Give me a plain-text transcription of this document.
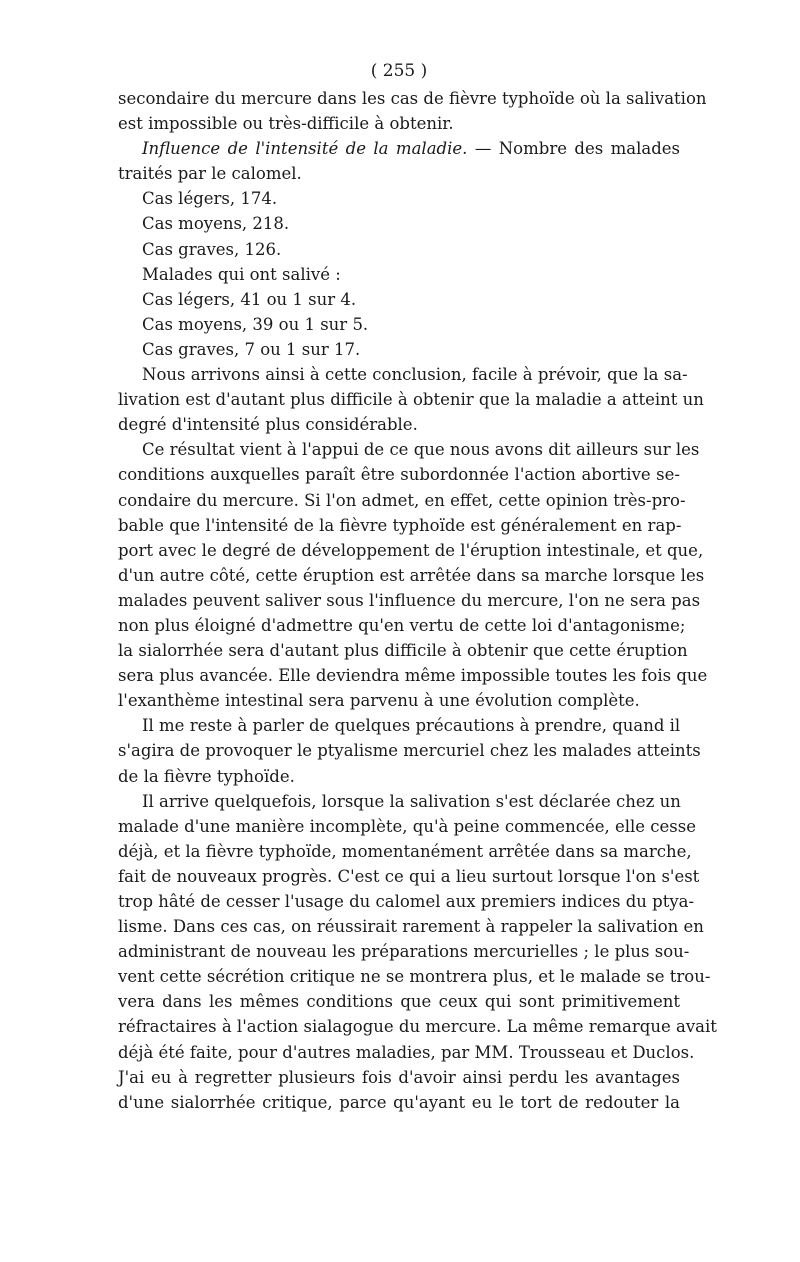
( 255 )
secondaire du mercure dans les cas de fièvre typhoïde où la salivation
est impossible ou très-difficile à obtenir.
Influence de l'intensité de la maladie. — Nombre des malades
traités par le calomel.
Cas légers, 174.
Cas moyens, 218.
Cas graves, 126.
Malades qui ont salivé :
Cas légers, 41 ou 1 sur 4.
Cas moyens, 39 ou 1 sur 5.
Cas graves, 7 ou 1 sur 17.
Nous arrivons ainsi à cette conclusion, facile à prévoir, que la sa-
livation est d'autant plus difficile à obtenir que la maladie a atteint un
degré d'intensité plus considérable.
Ce résultat vient à l'appui de ce que nous avons dit ailleurs sur les
conditions auxquelles paraît être subordonnée l'action abortive se-
condaire du mercure. Si l'on admet, en effet, cette opinion très-pro-
bable que l'intensité de la fièvre typhoïde est généralement en rap-
port avec le degré de développement de l'éruption intestinale, et que,
d'un autre côté, cette éruption est arrêtée dans sa marche lorsque les
malades peuvent saliver sous l'influence du mercure, l'on ne sera pas
non plus éloigné d'admettre qu'en vertu de cette loi d'antagonisme;
la sialorrhée sera d'autant plus difficile à obtenir que cette éruption
sera plus avancée. Elle deviendra même impossible toutes les fois que
l'exanthème intestinal sera parvenu à une évolution complète.
Il me reste à parler de quelques précautions à prendre, quand il
s'agira de provoquer le ptyalisme mercuriel chez les malades atteints
de la fièvre typhoïde.
Il arrive quelquefois, lorsque la salivation s'est déclarée chez un
malade d'une manière incomplète, qu'à peine commencée, elle cesse
déjà, et la fièvre typhoïde, momentanément arrêtée dans sa marche,
fait de nouveaux progrès. C'est ce qui a lieu surtout lorsque l'on s'est
trop hâté de cesser l'usage du calomel aux premiers indices du ptya-
lisme. Dans ces cas, on réussirait rarement à rappeler la salivation en
administrant de nouveau les préparations mercurielles ; le plus sou-
vent cette sécrétion critique ne se montrera plus, et le malade se trou-
vera dans les mêmes conditions que ceux qui sont primitivement
réfractaires à l'action sialagogue du mercure. La même remarque avait
déjà été faite, pour d'autres maladies, par MM. Trousseau et Duclos.
J'ai eu à regretter plusieurs fois d'avoir ainsi perdu les avantages
d'une sialorrhée critique, parce qu'ayant eu le tort de redouter la
